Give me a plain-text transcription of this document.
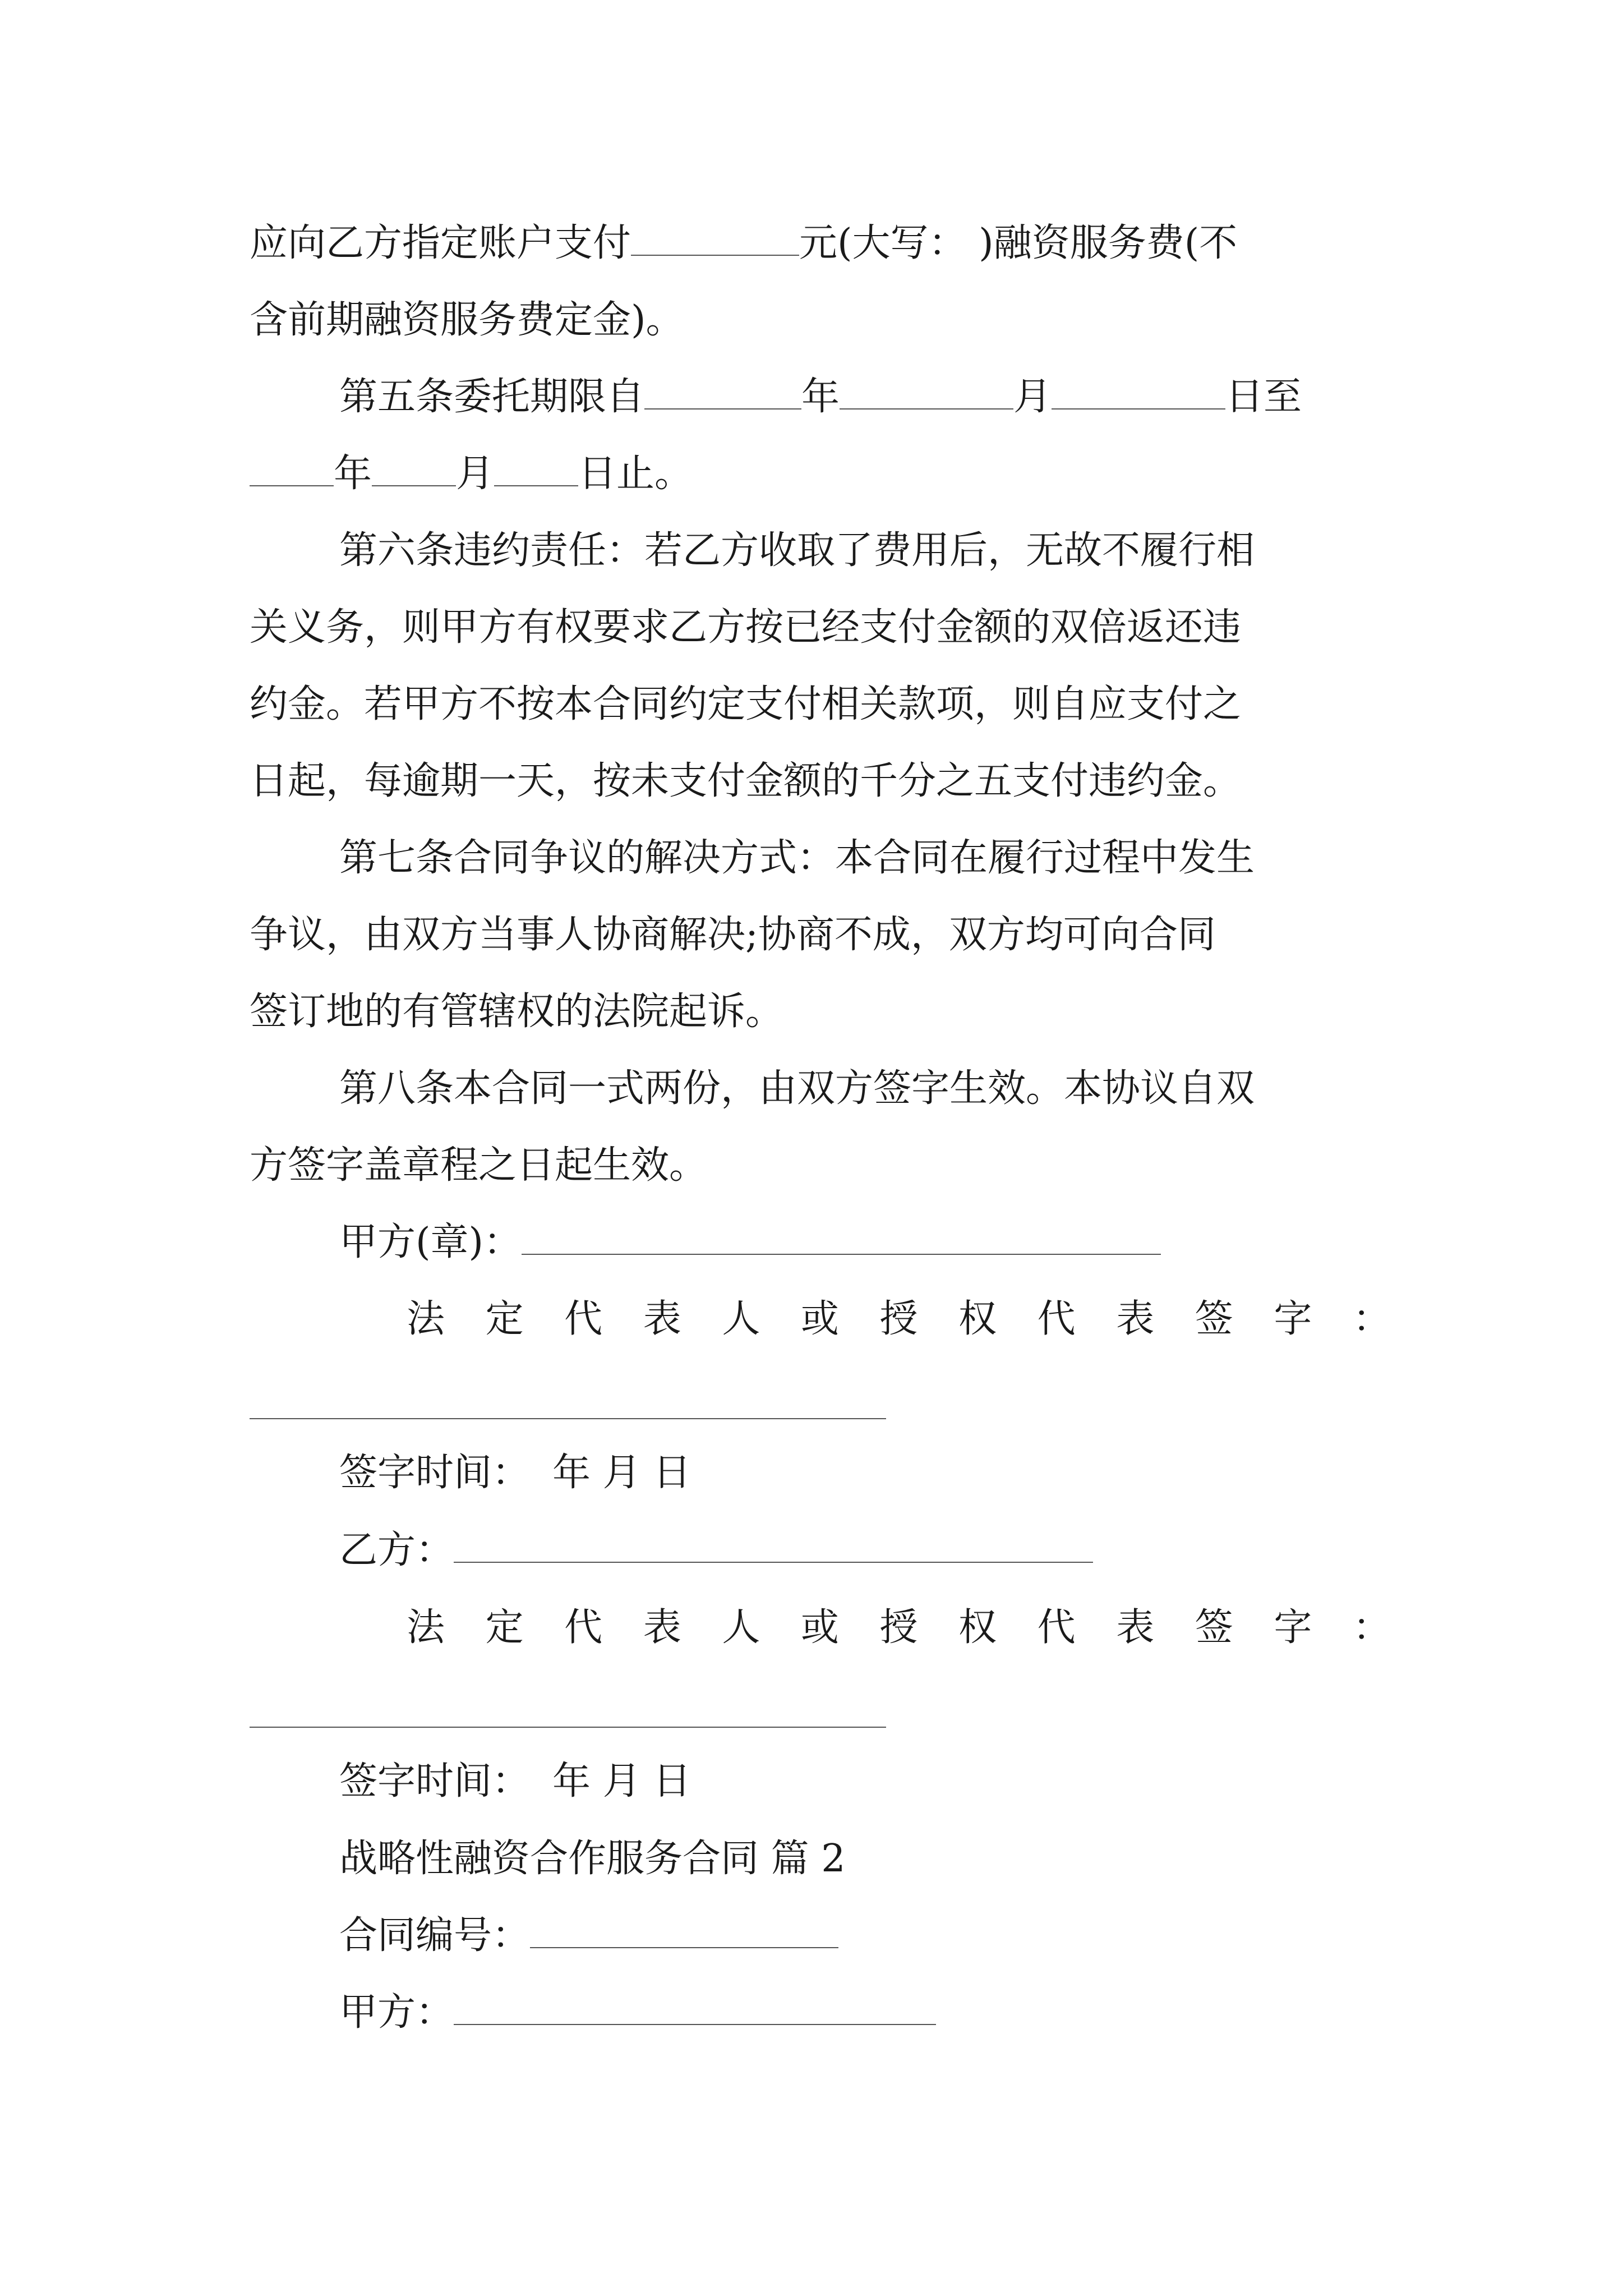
应向乙方指定账户支付	元(大写： )融资服务费(不
含前期融资服务费定金)。
第五条委托期限自	年	月	日至
年 月 日止。
第六条违约责任：若乙方收取了费用后，无故不履行相
关义务，则甲方有权要求乙方按已经支付金额的双倍返还违
约金。若甲方不按本合同约定支付相关款项，则自应支付之
日起，每逾期一天，按未支付金额的千分之五支付违约金。
第七条合同争议的解决方式：本合同在履行过程中发生
争议，由双方当事人协商解决;协商不成，双方均可向合同
签订地的有管辖权的法院起诉。
第八条本合同一式两份，由双方签字生效。本协议自双
方签字盖章程之日起生效。
甲方(章)：
法 定 代 表 人 或 授 权 代 表 签 字 ：
签字时间： 年 月 日
乙方：
法 定 代 表 人 或 授 权 代 表 签 字 ：
签字时间： 年 月 日
战略性融资合作服务合同 篇 2
合同编号：
甲方：
